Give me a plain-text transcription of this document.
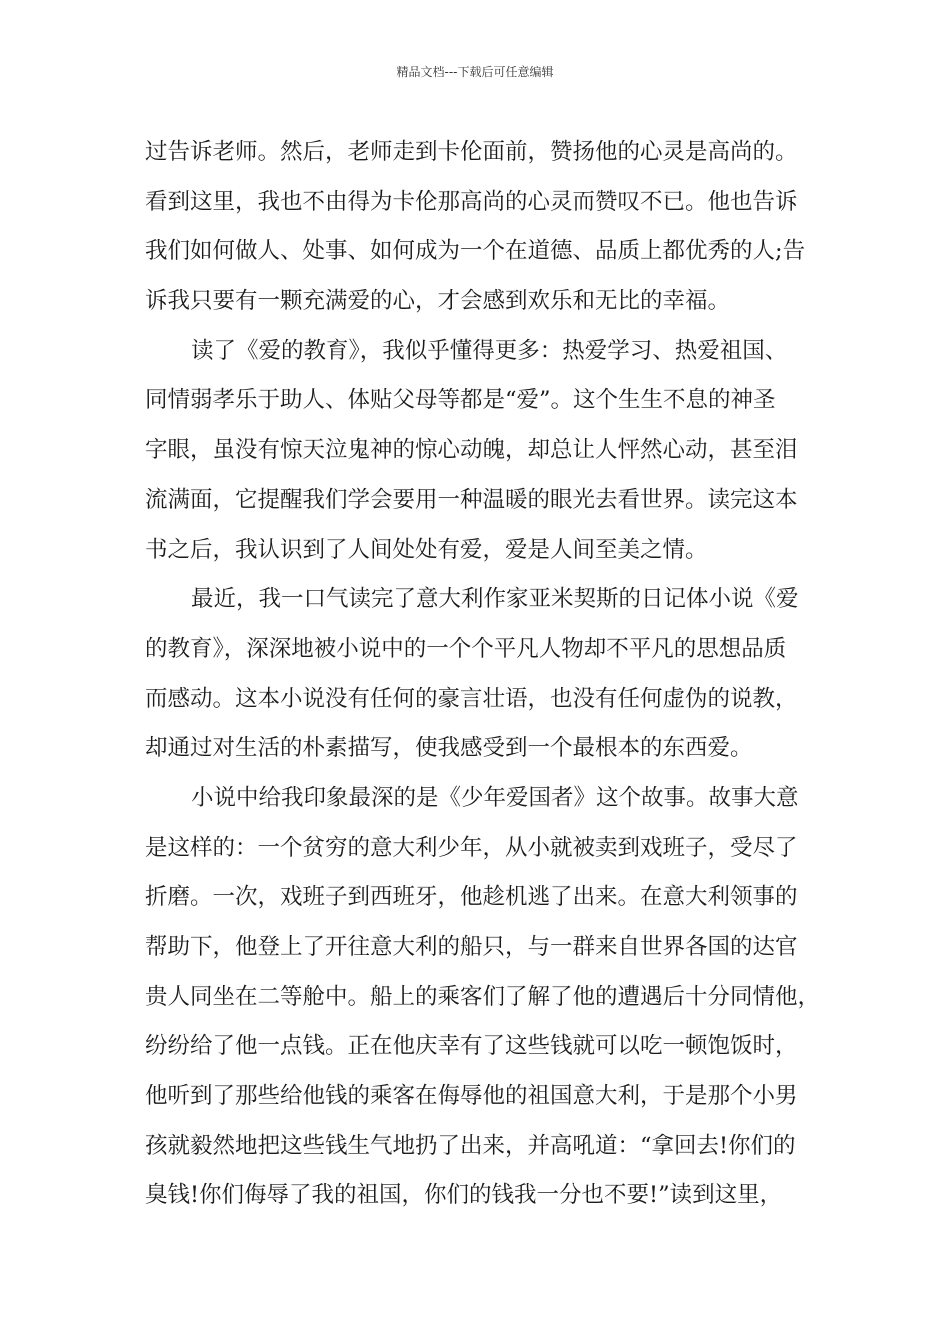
精品文档---下载后可任意编辑
过告诉老师。然后，老师走到卡伦面前，赞扬他的心灵是高尚的。
看到这里，我也不由得为卡伦那高尚的心灵而赞叹不已。他也告诉
我们如何做人、处事、如何成为一个在道德、品质上都优秀的人;告
诉我只要有一颗充满爱的心，才会感到欢乐和无比的幸福。
读了《爱的教育》，我似乎懂得更多：热爱学习、热爱祖国、
同情弱孝乐于助人、体贴父母等都是“爱”。这个生生不息的神圣
字眼，虽没有惊天泣鬼神的惊心动魄，却总让人怦然心动，甚至泪
流满面，它提醒我们学会要用一种温暖的眼光去看世界。读完这本
书之后，我认识到了人间处处有爱，爱是人间至美之情。
最近，我一口气读完了意大利作家亚米契斯的日记体小说《爱
的教育》，深深地被小说中的一个个平凡人物却不平凡的思想品质
而感动。这本小说没有任何的豪言壮语，也没有任何虚伪的说教，
却通过对生活的朴素描写，使我感受到一个最根本的东西爱。
小说中给我印象最深的是《少年爱国者》这个故事。故事大意
是这样的：一个贫穷的意大利少年，从小就被卖到戏班子，受尽了
折磨。一次，戏班子到西班牙，他趁机逃了出来。在意大利领事的
帮助下，他登上了开往意大利的船只，与一群来自世界各国的达官
贵人同坐在二等舱中。船上的乘客们了解了他的遭遇后十分同情他，
纷纷给了他一点钱。正在他庆幸有了这些钱就可以吃一顿饱饭时，
他听到了那些给他钱的乘客在侮辱他的祖国意大利，于是那个小男
孩就毅然地把这些钱生气地扔了出来，并高吼道：“拿回去!你们的
臭钱!你们侮辱了我的祖国，你们的钱我一分也不要!”读到这里，
